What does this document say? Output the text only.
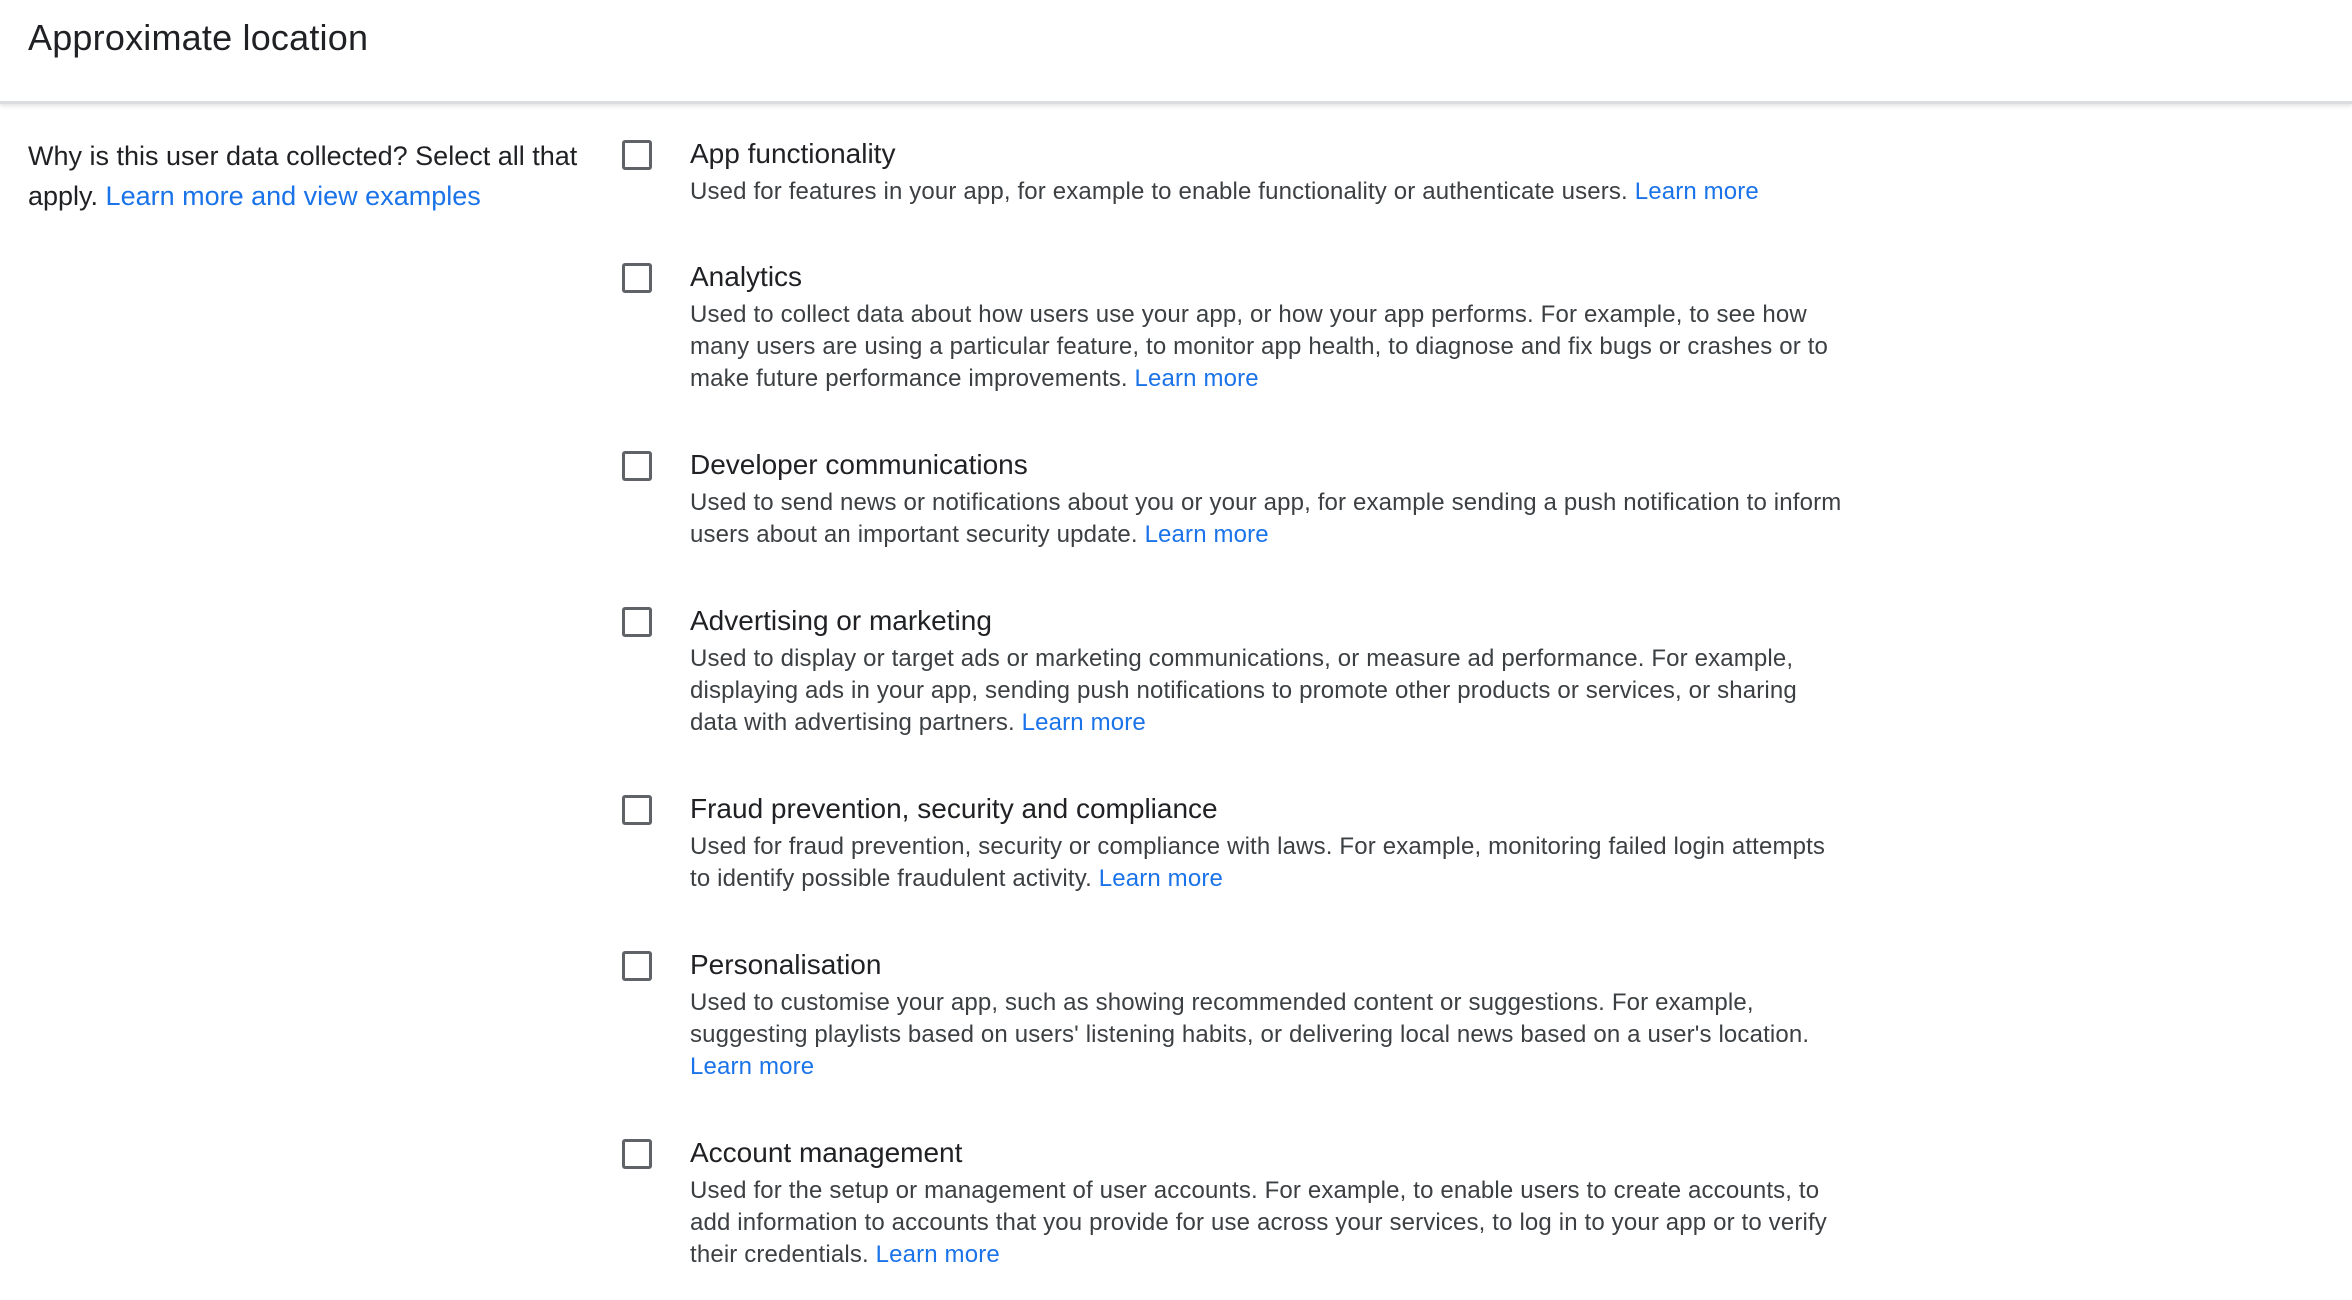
Approximate location
Why is this user data collected? Select all that apply. Learn more and view examples
App functionality
Used for features in your app, for example to enable functionality or authenticate users. Learn more
Analytics
Used to collect data about how users use your app, or how your app performs. For example, to see how many users are using a particular feature, to monitor app health, to diagnose and fix bugs or crashes or to make future performance improvements. Learn more
Developer communications
Used to send news or notifications about you or your app, for example sending a push notification to inform users about an important security update. Learn more
Advertising or marketing
Used to display or target ads or marketing communications, or measure ad performance. For example, displaying ads in your app, sending push notifications to promote other products or services, or sharing data with advertising partners. Learn more
Fraud prevention, security and compliance
Used for fraud prevention, security or compliance with laws. For example, monitoring failed login attempts to identify possible fraudulent activity. Learn more
Personalisation
Used to customise your app, such as showing recommended content or suggestions. For example, suggesting playlists based on users' listening habits, or delivering local news based on a user's location. Learn more
Account management
Used for the setup or management of user accounts. For example, to enable users to create accounts, to add information to accounts that you provide for use across your services, to log in to your app or to verify their credentials. Learn more
